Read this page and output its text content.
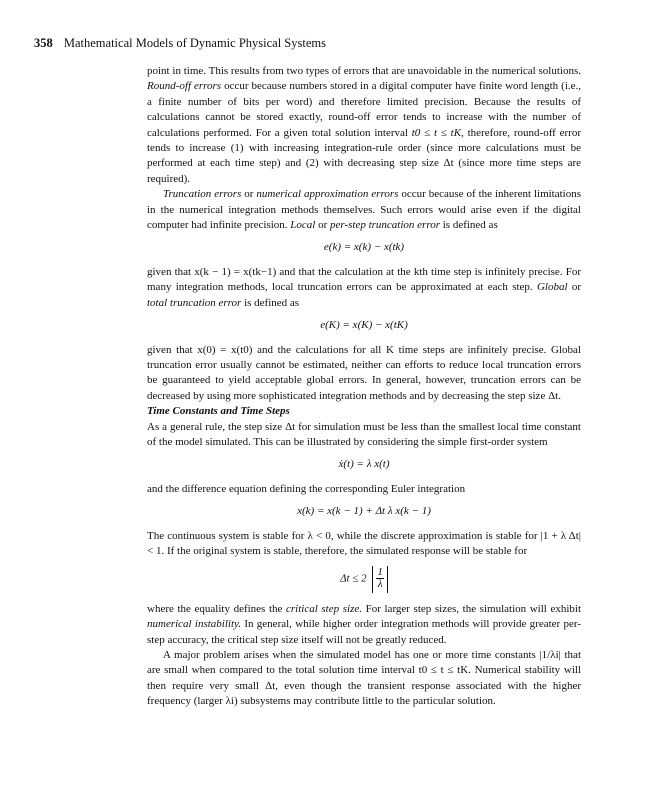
358 Mathematical Models of Dynamic Physical Systems

point in time. This results from two types of errors that are unavoidable in the numerical solutions. Round-off errors occur because numbers stored in a digital computer have finite word length (i.e., a finite number of bits per word) and therefore limited precision. Because the results of calculations cannot be stored exactly, round-off error tends to increase with the number of calculations performed. For a given total solution interval t0 ≤ t ≤ tK, therefore, round-off error tends to increase (1) with increasing integration-rule order (since more calculations must be performed at each time step) and (2) with decreasing step size Δt (since more time steps are required).

Truncation errors or numerical approximation errors occur because of the inherent limitations in the numerical integration methods themselves. Such errors would arise even if the digital computer had infinite precision. Local or per-step truncation error is defined as

e(k) = x(k) − x(tk)

given that x(k − 1) = x(tk−1) and that the calculation at the kth time step is infinitely precise. For many integration methods, local truncation errors can be approximated at each step. Global or total truncation error is defined as

e(K) = x(K) − x(tK)

given that x(0) = x(t0) and the calculations for all K time steps are infinitely precise. Global truncation error usually cannot be estimated, neither can efforts to reduce local truncation errors be guaranteed to yield acceptable global errors. In general, however, truncation errors can be decreased by using more sophisticated integration methods and by decreasing the step size Δt.

Time Constants and Time Steps

As a general rule, the step size Δt for simulation must be less than the smallest local time constant of the model simulated. This can be illustrated by considering the simple first-order system

ẋ(t) = λ x(t)

and the difference equation defining the corresponding Euler integration

x(k) = x(k − 1) + Δt λ x(k − 1)

The continuous system is stable for λ < 0, while the discrete approximation is stable for |1 + λ Δt| < 1. If the original system is stable, therefore, the simulated response will be stable for

$\Delta t \le 2 \frac{1}{\lambda}$

where the equality defines the critical step size. For larger step sizes, the simulation will exhibit numerical instability. In general, while higher order integration methods will provide greater per-step accuracy, the critical step size itself will not be greatly reduced.

A major problem arises when the simulated model has one or more time constants |1/λi| that are small when compared to the total solution time interval t0 ≤ t ≤ tK. Numerical stability will then require very small Δt, even though the transient response associated with the higher frequency (larger λi) subsystems may contribute little to the particular solution.
